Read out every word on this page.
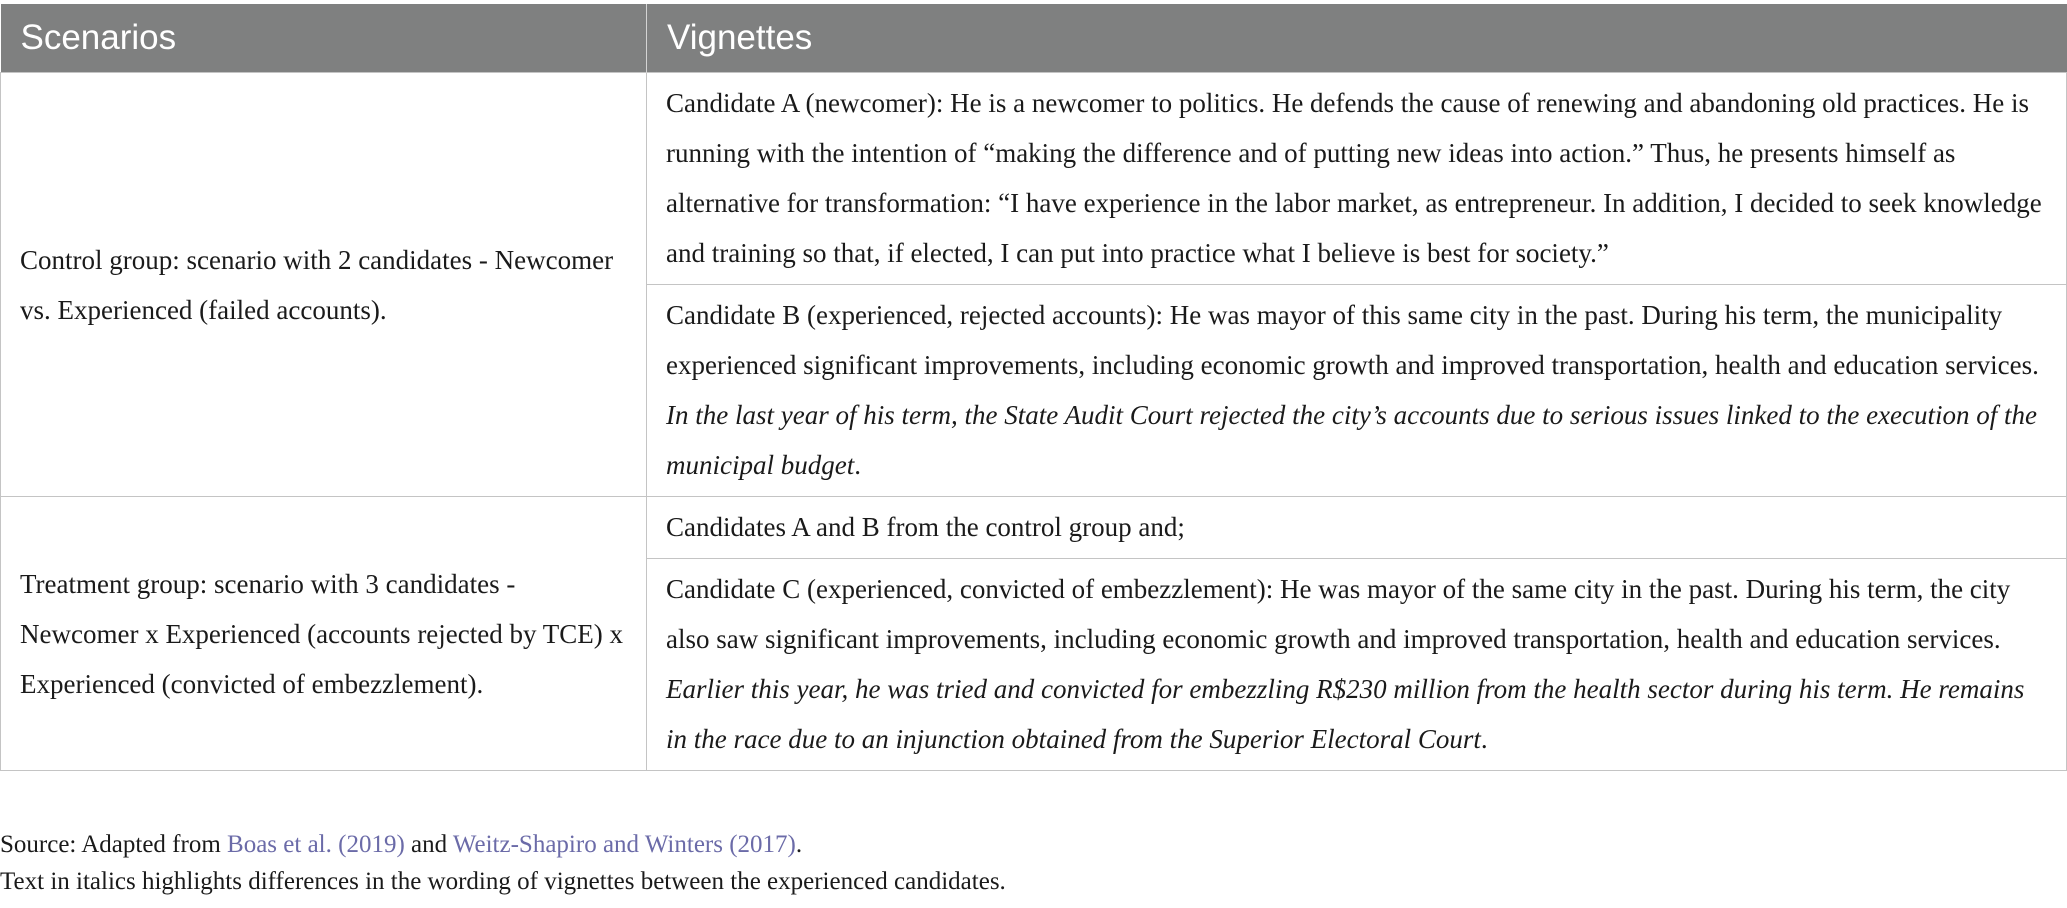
Scenarios	Vignettes
Control group: scenario with 2 candidates - Newcomer vs. Experienced (failed accounts).	Candidate A (newcomer): He is a newcomer to politics. He defends the cause of renewing and abandoning old practices. He is running with the intention of “making the difference and of putting new ideas into action.” Thus, he presents himself as alternative for transformation: “I have experience in the labor market, as entrepreneur. In addition, I decided to seek knowledge and training so that, if elected, I can put into practice what I believe is best for society.”
	Candidate B (experienced, rejected accounts): He was mayor of this same city in the past. During his term, the municipality experienced significant improvements, including economic growth and improved transportation, health and education services. In the last year of his term, the State Audit Court rejected the city’s accounts due to serious issues linked to the execution of the municipal budget.
Treatment group: scenario with 3 candidates - Newcomer x Experienced (accounts rejected by TCE) x Experienced (convicted of embezzlement).	Candidates A and B from the control group and;
	Candidate C (experienced, convicted of embezzlement): He was mayor of the same city in the past. During his term, the city also saw significant improvements, including economic growth and improved transportation, health and education services. Earlier this year, he was tried and convicted for embezzling R$230 million from the health sector during his term. He remains in the race due to an injunction obtained from the Superior Electoral Court.
Source: Adapted from Boas et al. (2019) and Weitz-Shapiro and Winters (2017).
Text in italics highlights differences in the wording of vignettes between the experienced candidates.
